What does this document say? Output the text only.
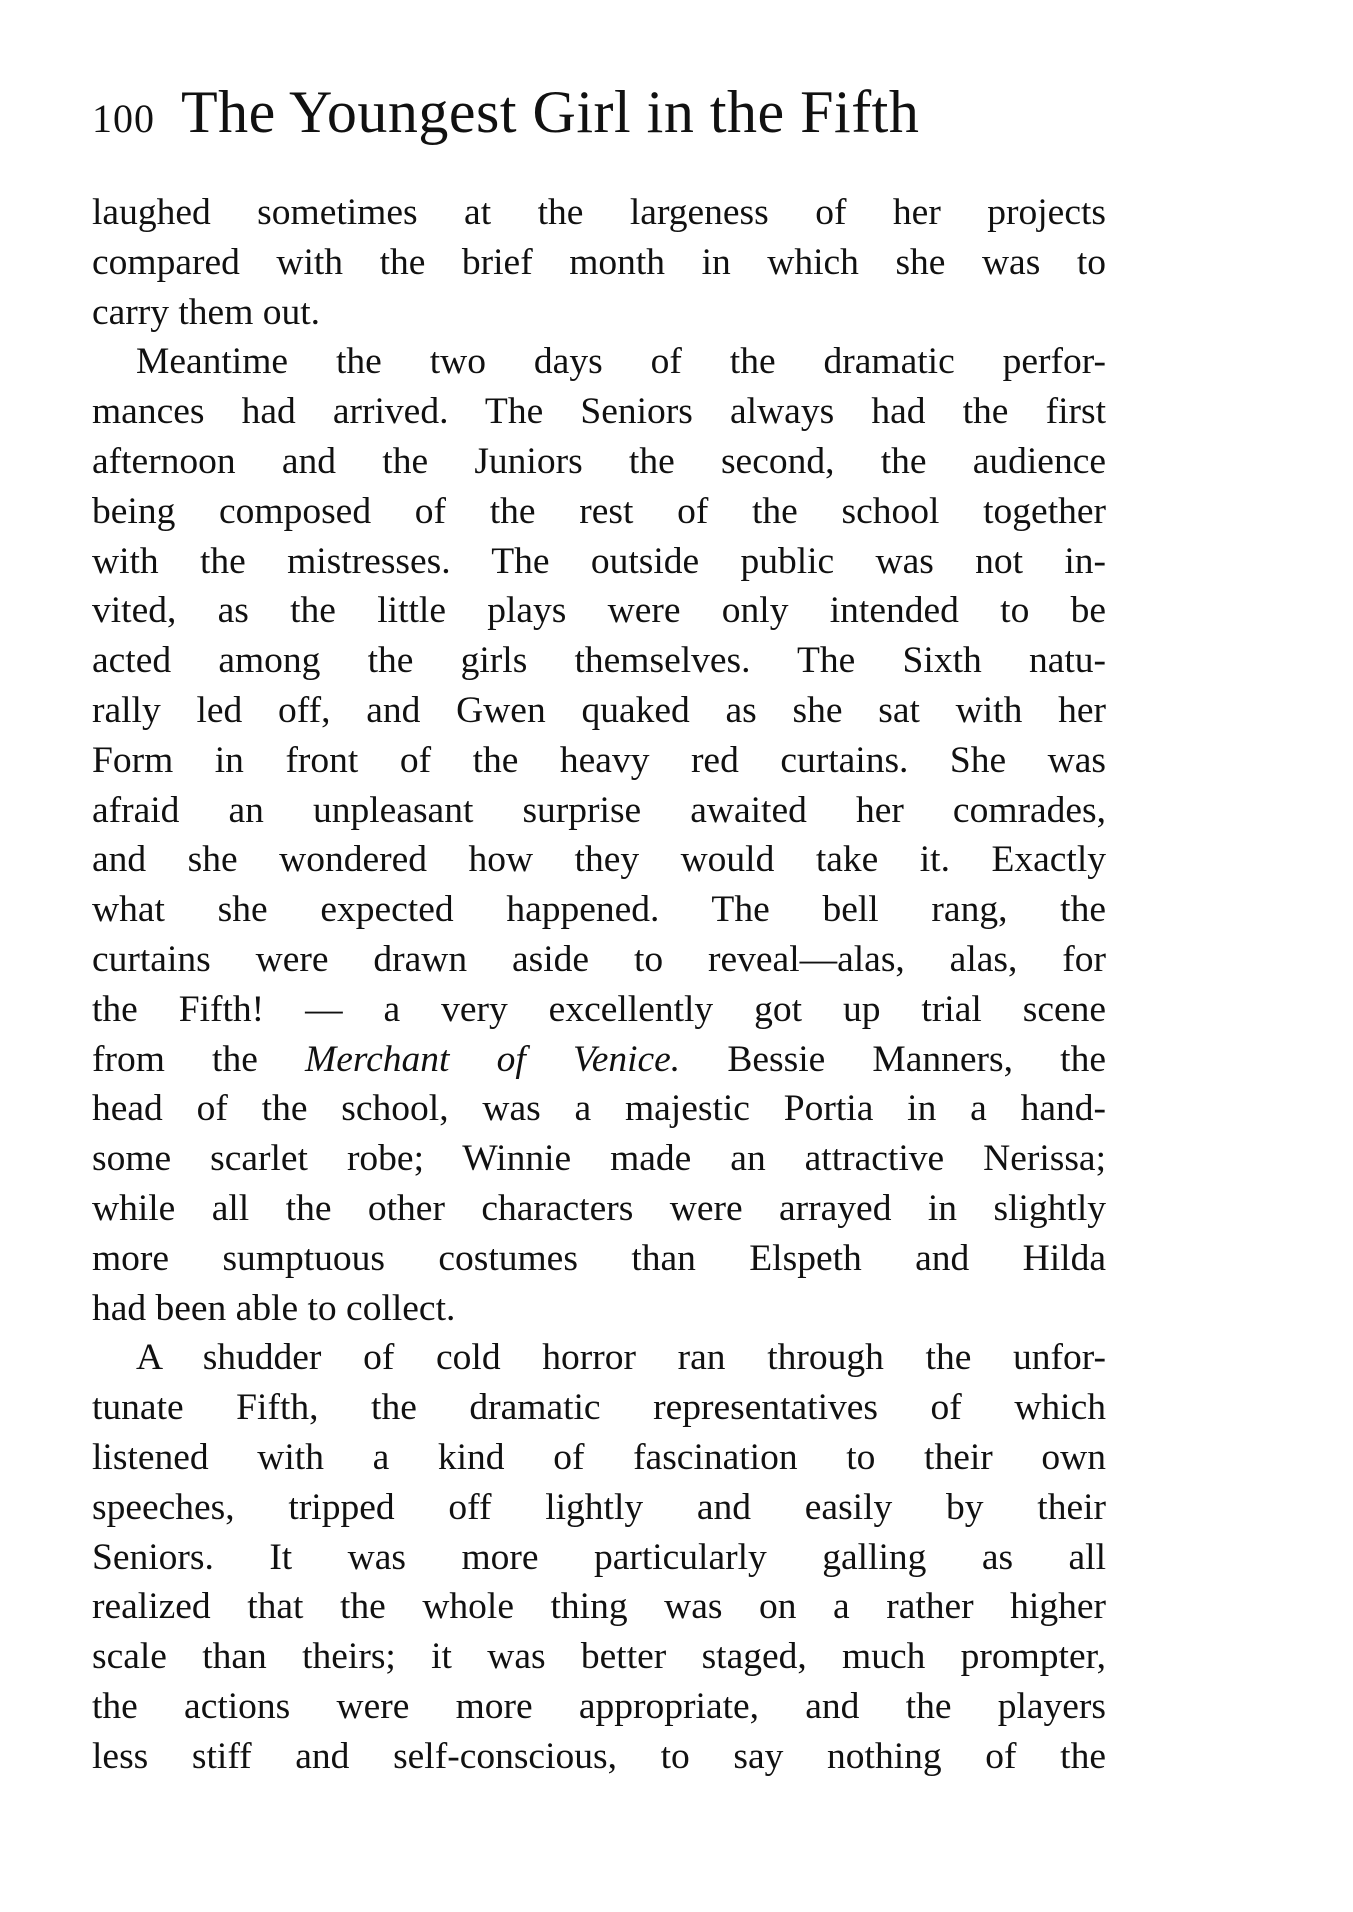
100 The Youngest Girl in the Fifth
laughed sometimes at the largeness of her projects
compared with the brief month in which she was to
carry them out.
Meantime the two days of the dramatic perfor-
mances had arrived. The Seniors always had the first
afternoon and the Juniors the second, the audience
being composed of the rest of the school together
with the mistresses. The outside public was not in-
vited, as the little plays were only intended to be
acted among the girls themselves. The Sixth natu-
rally led off, and Gwen quaked as she sat with her
Form in front of the heavy red curtains. She was
afraid an unpleasant surprise awaited her comrades,
and she wondered how they would take it. Exactly
what she expected happened. The bell rang, the
curtains were drawn aside to reveal—alas, alas, for
the Fifth! — a very excellently got up trial scene
from the Merchant of Venice. Bessie Manners, the
head of the school, was a majestic Portia in a hand-
some scarlet robe; Winnie made an attractive Nerissa;
while all the other characters were arrayed in slightly
more sumptuous costumes than Elspeth and Hilda
had been able to collect.
A shudder of cold horror ran through the unfor-
tunate Fifth, the dramatic representatives of which
listened with a kind of fascination to their own
speeches, tripped off lightly and easily by their
Seniors. It was more particularly galling as all
realized that the whole thing was on a rather higher
scale than theirs; it was better staged, much prompter,
the actions were more appropriate, and the players
less stiff and self-conscious, to say nothing of the
